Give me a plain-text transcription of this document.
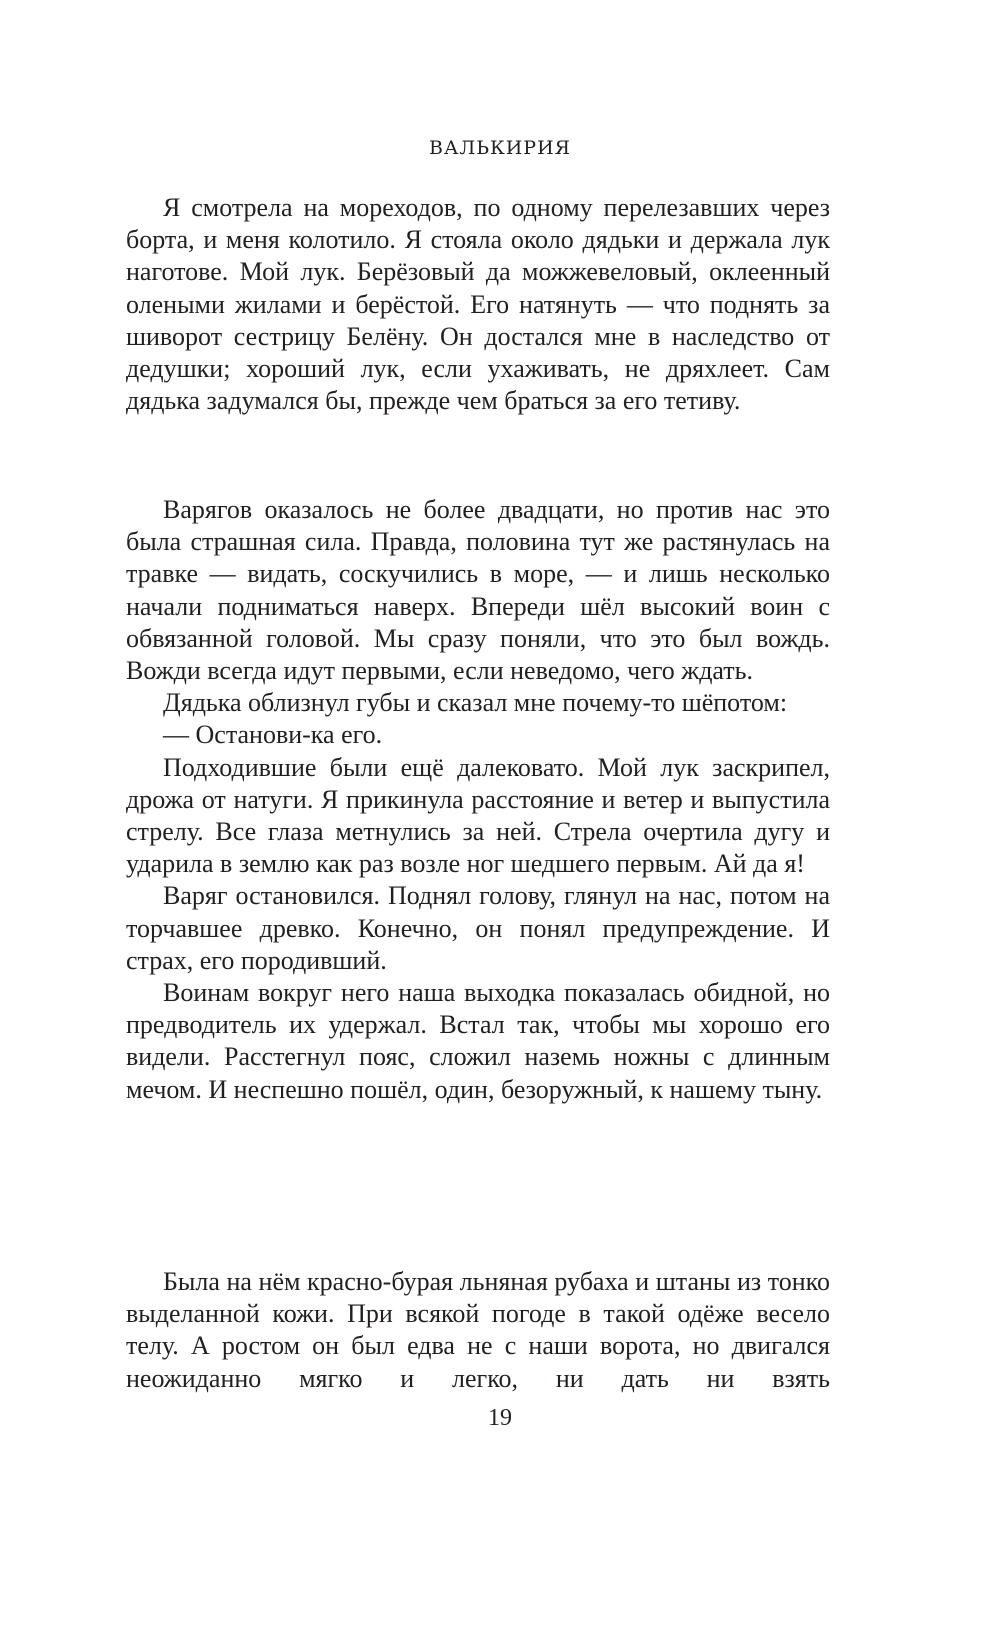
ВАЛЬКИРИЯ

Я смотрела на мореходов, по одному перелезавших через борта, и меня колотило. Я стояла около дядьки и держала лук наготове. Мой лук. Берёзовый да можжевеловый, оклеенный олеными жилами и берёстой. Его натянуть — что поднять за шиворот сестрицу Белёну. Он достался мне в наследство от дедушки; хороший лук, если ухаживать, не дряхлеет. Сам дядька задумался бы, прежде чем браться за его тетиву.

Варягов оказалось не более двадцати, но против нас это была страшная сила. Правда, половина тут же растянулась на травке — видать, соскучились в море, — и лишь несколько начали подниматься наверх. Впереди шёл высокий воин с обвязанной головой. Мы сразу поняли, что это был вождь. Вожди всегда идут первыми, если неведомо, чего ждать.

Дядька облизнул губы и сказал мне почему-то шёпотом:

— Останови-ка его.

Подходившие были ещё далековато. Мой лук заскрипел, дрожа от натуги. Я прикинула расстояние и ветер и выпустила стрелу. Все глаза метнулись за ней. Стрела очертила дугу и ударила в землю как раз возле ног шедшего первым. Ай да я!

Варяг остановился. Поднял голову, глянул на нас, потом на торчавшее древко. Конечно, он понял предупреждение. И страх, его породивший.

Воинам вокруг него наша выходка показалась обидной, но предводитель их удержал. Встал так, чтобы мы хорошо его видели. Расстегнул пояс, сложил наземь ножны с длинным мечом. И неспешно пошёл, один, безоружный, к нашему тыну.

Была на нём красно-бурая льняная рубаха и штаны из тонко выделанной кожи. При всякой погоде в такой одёже весело телу. А ростом он был едва не с наши ворота, но двигался неожиданно мягко и легко, ни дать ни взять

19
